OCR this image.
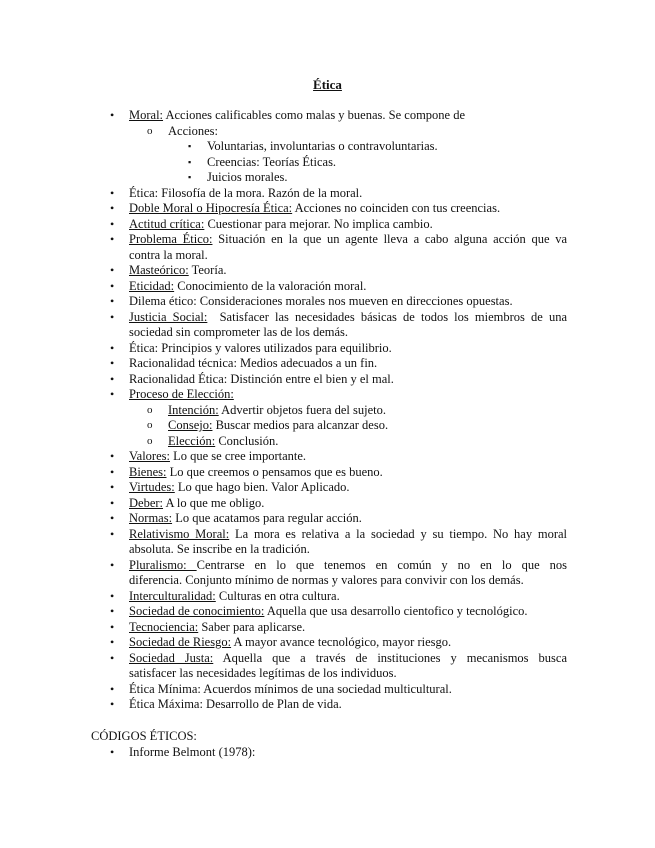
Ética
• Moral: Acciones calificables como malas y buenas. Se compone de
o Acciones:
▪ Voluntarias, involuntarias o contravoluntarias.
▪ Creencias: Teorías Éticas.
▪ Juicios morales.
• Ética: Filosofía de la mora. Razón de la moral.
• Doble Moral o Hipocresía Ética: Acciones no coinciden con tus creencias.
• Actitud crítica: Cuestionar para mejorar. No implica cambio.
• Problema Ético: Situación en la que un agente lleva a cabo alguna acción que va
contra la moral.
• Masteórico: Teoría.
• Eticidad: Conocimiento de la valoración moral.
• Dilema ético: Consideraciones morales nos mueven en direcciones opuestas.
• Justicia Social:  Satisfacer las necesidades básicas de todos los miembros de una
sociedad sin comprometer las de los demás.
• Ética: Principios y valores utilizados para equilibrio.
• Racionalidad técnica: Medios adecuados a un fin.
• Racionalidad Ética: Distinción entre el bien y el mal.
• Proceso de Elección:
o Intención: Advertir objetos fuera del sujeto.
o Consejo: Buscar medios para alcanzar deso.
o Elección: Conclusión.
• Valores: Lo que se cree importante.
• Bienes: Lo que creemos o pensamos que es bueno.
• Virtudes: Lo que hago bien. Valor Aplicado.
• Deber: A lo que me obligo.
• Normas: Lo que acatamos para regular acción.
• Relativismo Moral: La mora es relativa a la sociedad y su tiempo. No hay moral
absoluta. Se inscribe en la tradición.
• Pluralismo: Centrarse en lo que tenemos en común y no en lo que nos
diferencia. Conjunto mínimo de normas y valores para convivir con los demás.
• Interculturalidad: Culturas en otra cultura.
• Sociedad de conocimiento: Aquella que usa desarrollo cientofico y tecnológico.
• Tecnociencia: Saber para aplicarse.
• Sociedad de Riesgo: A mayor avance tecnológico, mayor riesgo.
• Sociedad Justa: Aquella que a través de instituciones y mecanismos busca
satisfacer las necesidades legítimas de los individuos.
• Ética Mínima: Acuerdos mínimos de una sociedad multicultural.
• Ética Máxima: Desarrollo de Plan de vida.
CÓDIGOS ÉTICOS:
• Informe Belmont (1978):
